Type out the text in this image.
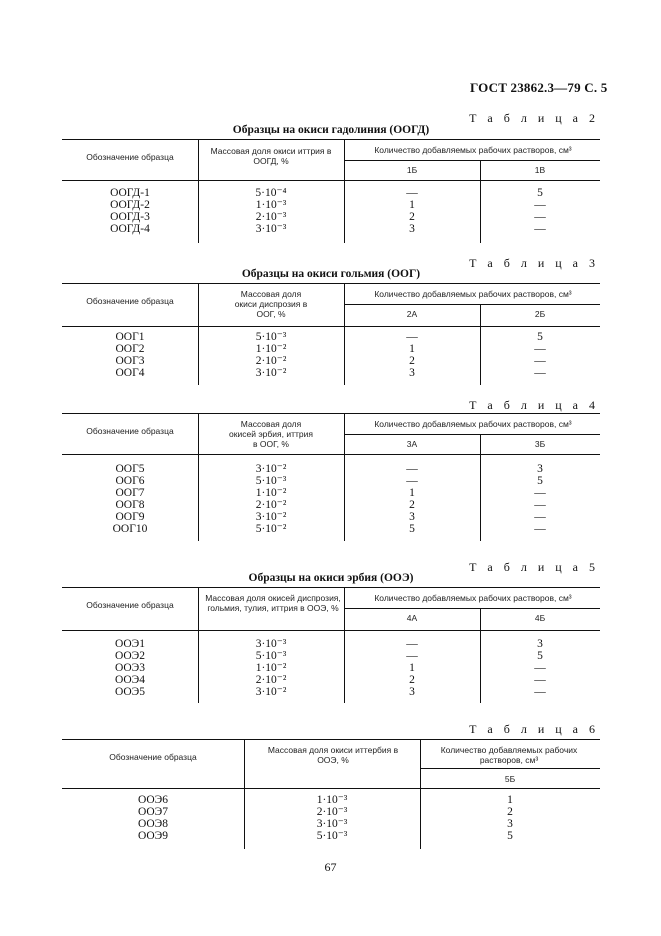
ГОСТ 23862.3—79 С. 5
Т а б л и ц а 2
Образцы на окиси гадолиния (ООГД)
Обозначение образца
Массовая доля окиси иттрия в ООГД, %
Количество добавляемых рабочих растворов, см³
1Б	1В
ООГД-1	5·10⁻⁴	—	5
ООГД-2	1·10⁻³	1	—
ООГД-3	2·10⁻³	2	—
ООГД-4	3·10⁻³	3	—
Т а б л и ц а 3
Образцы на окиси гольмия (ООГ)
Обозначение образца
Массовая доля окиси диспрозия в ООГ, %
Количество добавляемых рабочих растворов, см³
2А	2Б
ООГ1	5·10⁻³	—	5
ООГ2	1·10⁻²	1	—
ООГ3	2·10⁻²	2	—
ООГ4	3·10⁻²	3	—
Т а б л и ц а 4
Обозначение образца
Массовая доля окисей эрбия, иттрия в ООГ, %
Количество добавляемых рабочих растворов, см³
3А	3Б
ООГ5	3·10⁻²	—	3
ООГ6	5·10⁻³	—	5
ООГ7	1·10⁻²	1	—
ООГ8	2·10⁻²	2	—
ООГ9	3·10⁻²	3	—
ООГ10	5·10⁻²	5	—
Т а б л и ц а 5
Образцы на окиси эрбия (ООЭ)
Обозначение образца
Массовая доля окисей диспрозия, гольмия, тулия, иттрия в ООЭ, %
Количество добавляемых рабочих растворов, см³
4А	4Б
ООЭ1	3·10⁻³	—	3
ООЭ2	5·10⁻³	—	5
ООЭ3	1·10⁻²	1	—
ООЭ4	2·10⁻²	2	—
ООЭ5	3·10⁻²	3	—
Т а б л и ц а 6
Обозначение образца
Массовая доля окиси иттербия в ООЭ, %
Количество добавляемых рабочих растворов, см³
5Б
ООЭ6	1·10⁻³	1
ООЭ7	2·10⁻³	2
ООЭ8	3·10⁻³	3
ООЭ9	5·10⁻³	5
67
